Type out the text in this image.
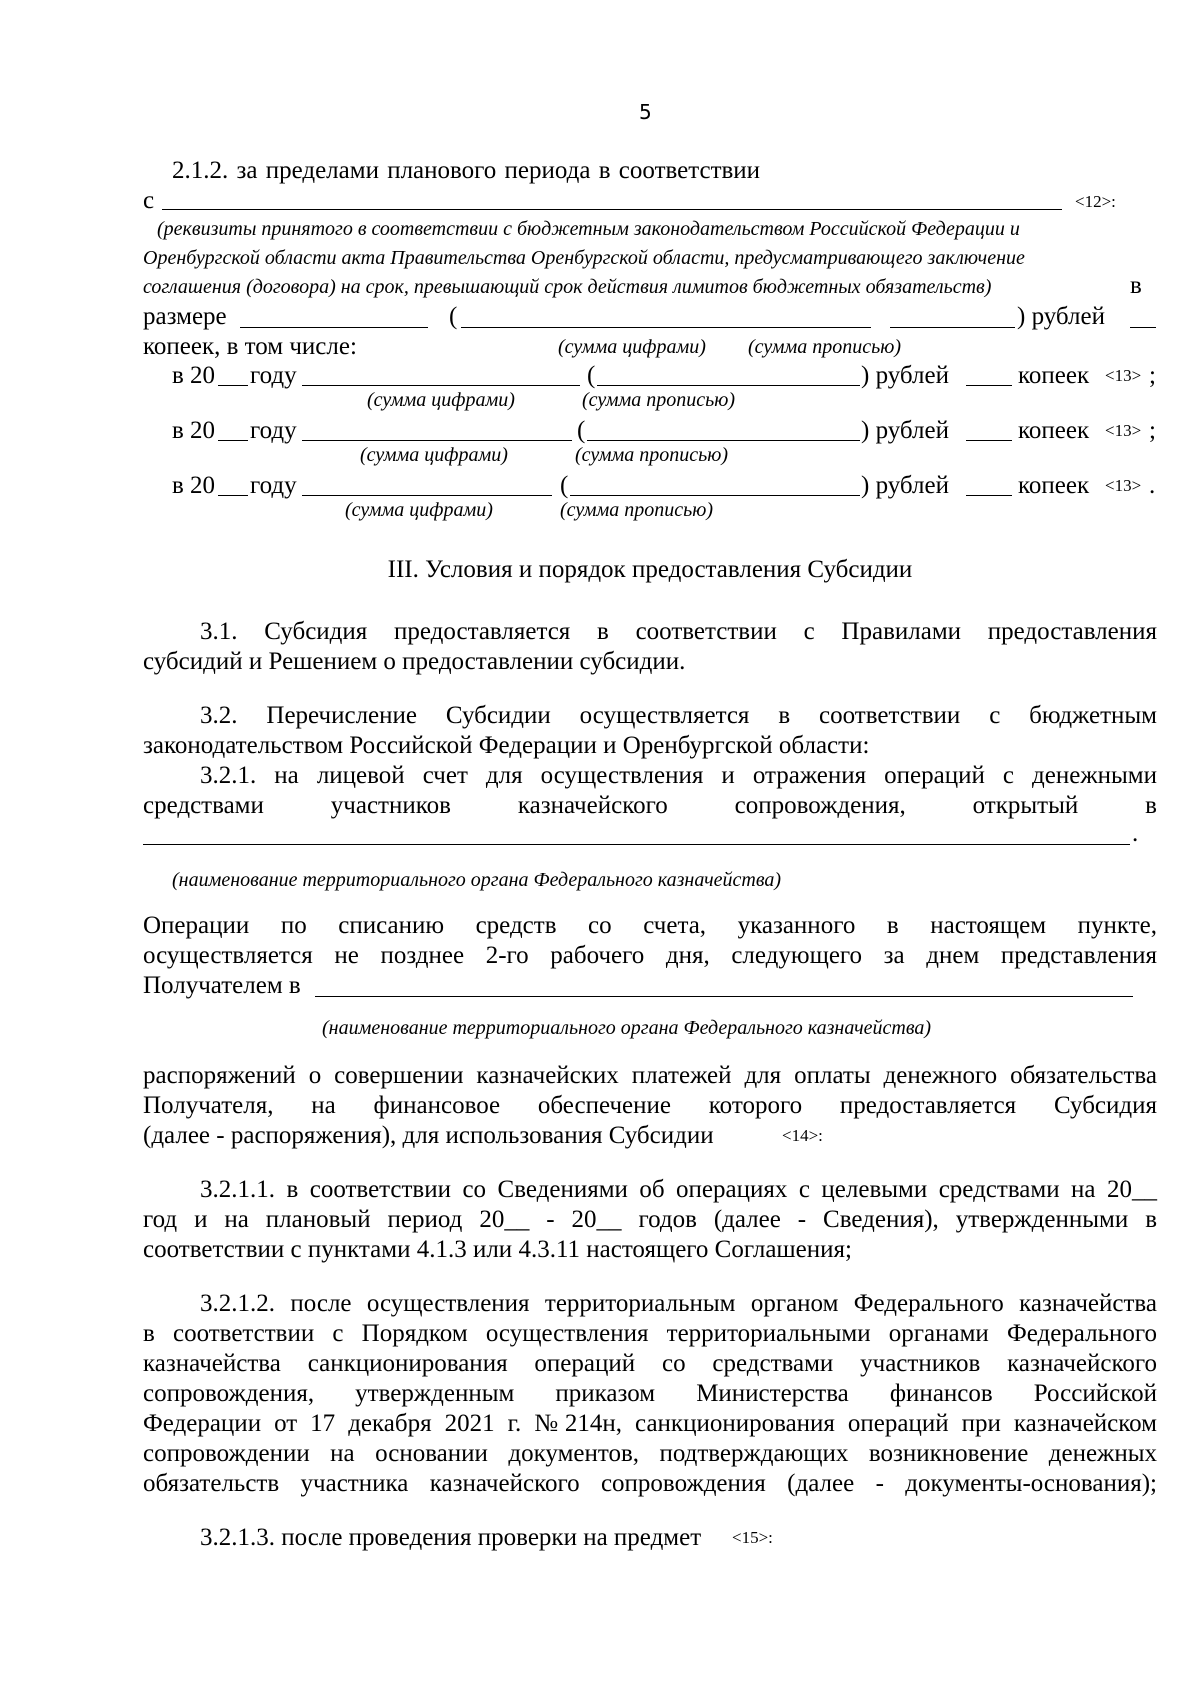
5
2.1.2. за пределами планового периода в соответствии
с	<12>:
(реквизиты принятого в соответствии с бюджетным законодательством Российской Федерации и
Оренбургской области акта Правительства Оренбургской области, предусматривающего заключение
соглашения (договора) на срок, превышающий срок действия лимитов бюджетных обязательств)	в
размере	(	) рублей
копеек, в том числе:	(сумма цифрами) (сумма прописью)
в 20 году	(	) рублей	копеек <13> ;
(сумма цифрами)	(сумма прописью)
в 20 году	(	) рублей	копеек <13> ;
(сумма цифрами)	(сумма прописью)
в 20 году	(	) рублей	копеек <13> .
(сумма цифрами)	(сумма прописью)
III. Условия и порядок предоставления Субсидии
3.1. Субсидия предоставляется в соответствии с Правилами предоставления
субсидий и Решением о предоставлении субсидии.
3.2. Перечисление Субсидии осуществляется в соответствии с бюджетным
законодательством Российской Федерации и Оренбургской области:
3.2.1. на лицевой счет для осуществления и отражения операций с денежными
средствами участников казначейского сопровождения, открытый в
.
(наименование территориального органа Федерального казначейства)
Операции по списанию средств со счета, указанного в настоящем пункте,
осуществляется не позднее 2-го рабочего дня, следующего за днем представления
Получателем в
(наименование территориального органа Федерального казначейства)
распоряжений о совершении казначейских платежей для оплаты денежного обязательства
Получателя, на финансовое обеспечение которого предоставляется Субсидия
(далее - распоряжения), для использования Субсидии	<14>:
3.2.1.1. в соответствии со Сведениями об операциях с целевыми средствами на 20__
год и на плановый период 20__ - 20__ годов (далее - Сведения), утвержденными в
соответствии с пунктами 4.1.3 или 4.3.11 настоящего Соглашения;
3.2.1.2. после осуществления территориальным органом Федерального казначейства
в соответствии с Порядком осуществления территориальными органами Федерального
казначейства санкционирования операций со средствами участников казначейского
сопровождения, утвержденным приказом Министерства финансов Российской
Федерации от 17 декабря 2021 г. №214н, санкционирования операций при казначейском
сопровождении на основании документов, подтверждающих возникновение денежных
обязательств участника казначейского сопровождения (далее - документы-основания);
3.2.1.3. после проведения проверки на предмет <15>:
